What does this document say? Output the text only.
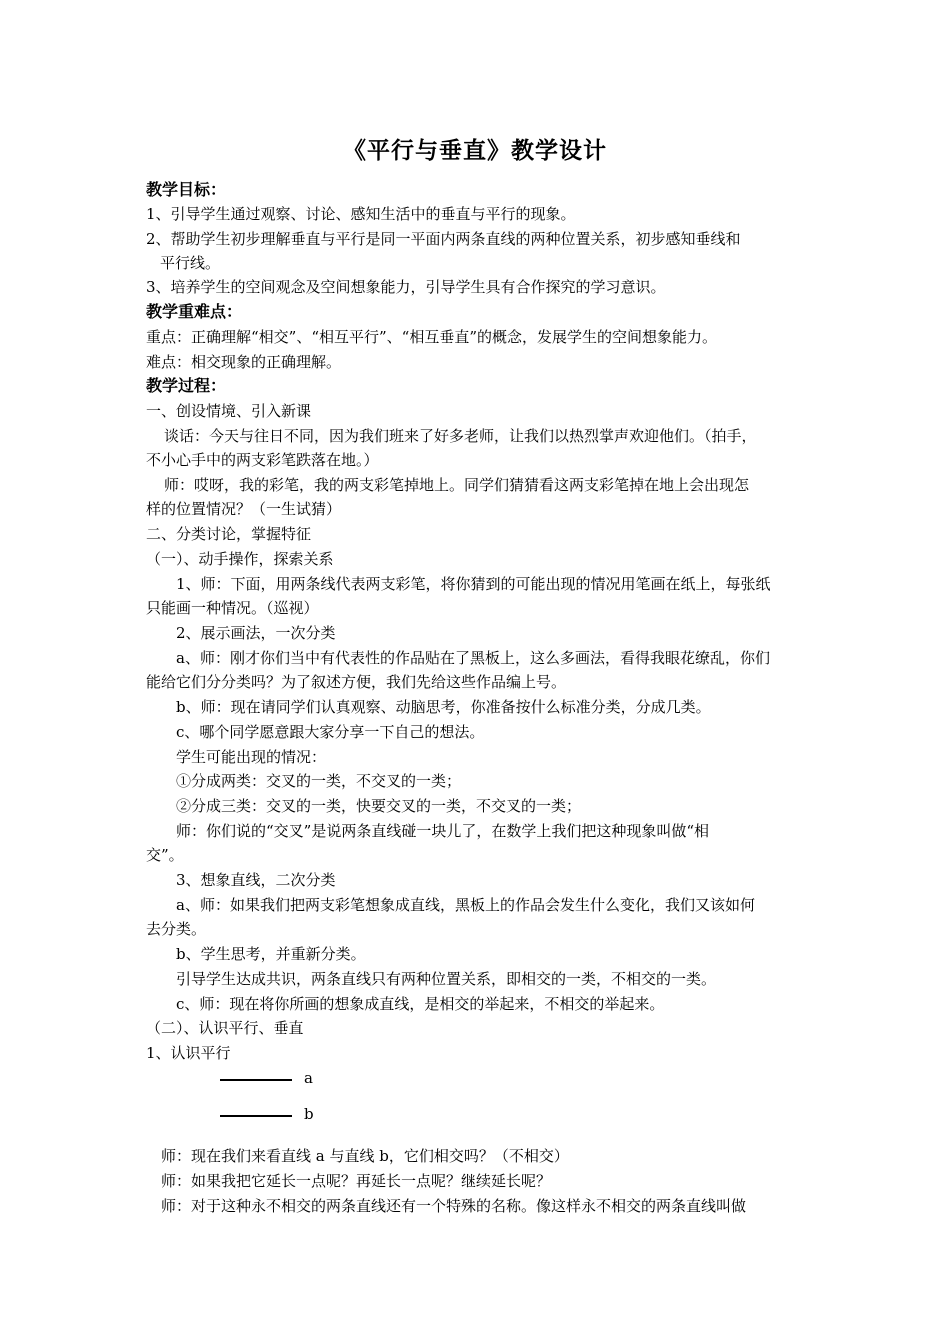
《平行与垂直》教学设计
教学目标：
1、引导学生通过观察、讨论、感知生活中的垂直与平行的现象。
2、帮助学生初步理解垂直与平行是同一平面内两条直线的两种位置关系，初步感知垂线和
平行线。
3、培养学生的空间观念及空间想象能力，引导学生具有合作探究的学习意识。
教学重难点：
重点：正确理解“相交”、“相互平行”、“相互垂直”的概念，发展学生的空间想象能力。
难点：相交现象的正确理解。
教学过程：
一、创设情境、引入新课
谈话：今天与往日不同，因为我们班来了好多老师，让我们以热烈掌声欢迎他们。（拍手，
不小心手中的两支彩笔跌落在地。）
师：哎呀，我的彩笔，我的两支彩笔掉地上。同学们猜猜看这两支彩笔掉在地上会出现怎
样的位置情况？（一生试猜）
二、分类讨论，掌握特征
（一）、动手操作，探索关系
1、师：下面，用两条线代表两支彩笔，将你猜到的可能出现的情况用笔画在纸上，每张纸
只能画一种情况。（巡视）
2、展示画法，一次分类
a、师：刚才你们当中有代表性的作品贴在了黑板上，这么多画法，看得我眼花缭乱，你们
能给它们分分类吗？为了叙述方便，我们先给这些作品编上号。
b、师：现在请同学们认真观察、动脑思考，你准备按什么标准分类，分成几类。
c、哪个同学愿意跟大家分享一下自己的想法。
学生可能出现的情况：
①分成两类：交叉的一类，不交叉的一类；
②分成三类：交叉的一类，快要交叉的一类，不交叉的一类；
师：你们说的“交叉”是说两条直线碰一块儿了，在数学上我们把这种现象叫做“相
交”。
3、想象直线，二次分类
a、师：如果我们把两支彩笔想象成直线，黑板上的作品会发生什么变化，我们又该如何
去分类。
b、学生思考，并重新分类。
引导学生达成共识，两条直线只有两种位置关系，即相交的一类，不相交的一类。
c、师：现在将你所画的想象成直线，是相交的举起来，不相交的举起来。
（二）、认识平行、垂直
1、认识平行
a
b
师：现在我们来看直线 a 与直线 b，它们相交吗？（不相交）
师：如果我把它延长一点呢？再延长一点呢？继续延长呢？
师：对于这种永不相交的两条直线还有一个特殊的名称。像这样永不相交的两条直线叫做
